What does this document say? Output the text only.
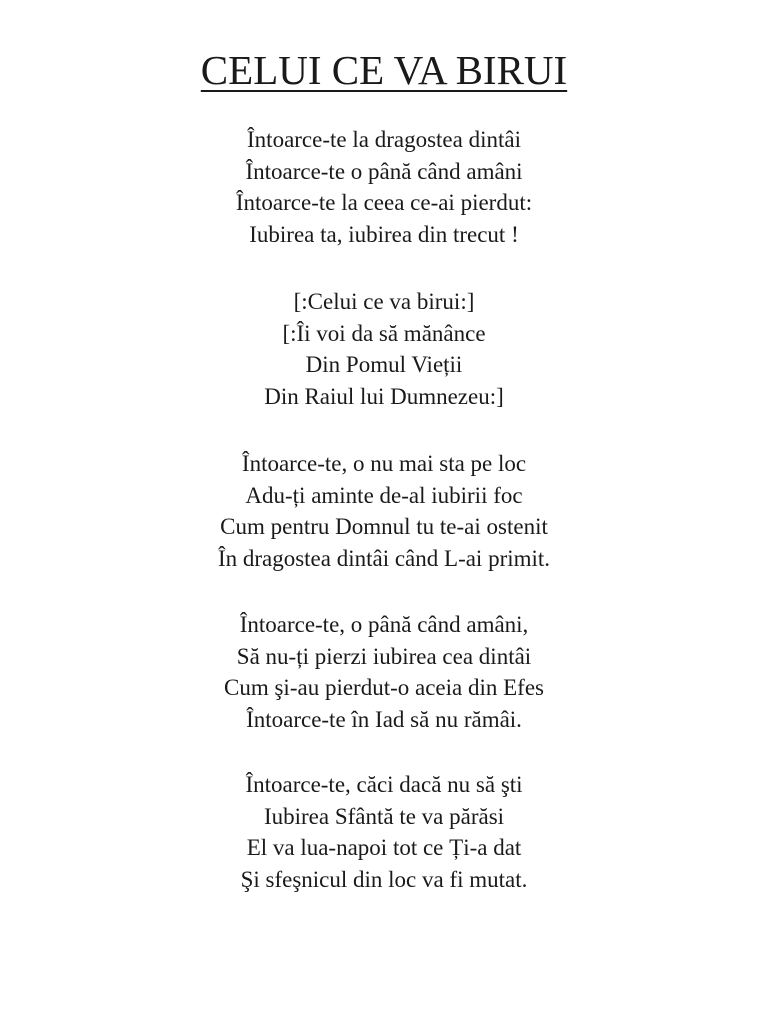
CELUI CE VA BIRUI
Întoarce-te la dragostea dintâi
Întoarce-te o până când amâni
Întoarce-te la ceea ce-ai pierdut:
Iubirea ta, iubirea din trecut !
[:Celui ce va birui:]
[:Îi voi da să mănânce
Din Pomul Vieții
Din Raiul lui Dumnezeu:]
Întoarce-te, o nu mai sta pe loc
Adu-ți aminte de-al iubirii foc
Cum pentru Domnul tu te-ai ostenit
În dragostea dintâi când L-ai primit.
Întoarce-te, o până când amâni,
Să nu-ți pierzi iubirea cea dintâi
Cum şi-au pierdut-o aceia din Efes
Întoarce-te în Iad să nu rămâi.
Întoarce-te, căci dacă nu să şti
Iubirea Sfântă te va părăsi
El va lua-napoi tot ce Ți-a dat
Şi sfeşnicul din loc va fi mutat.
